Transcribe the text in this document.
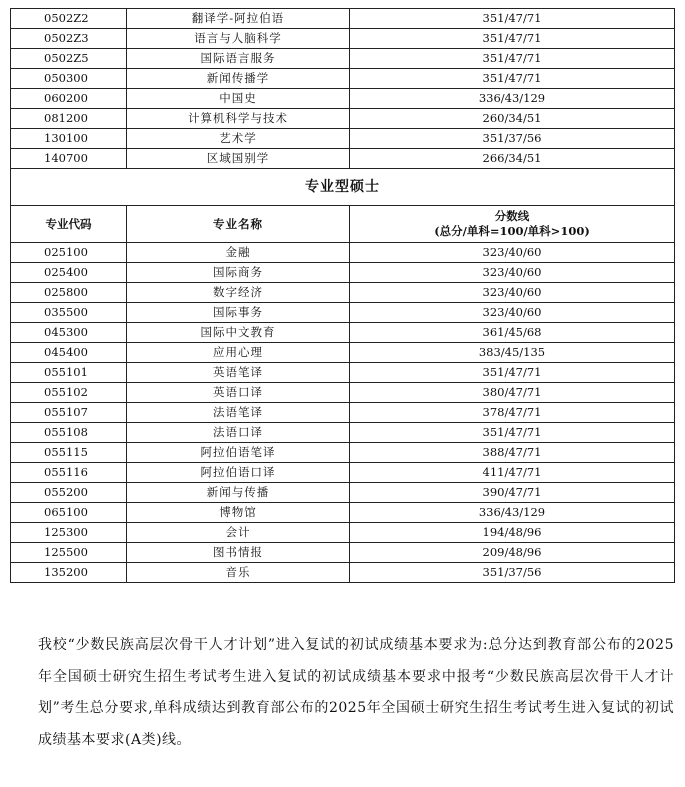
0502Z2	翻译学-阿拉伯语	351/47/71
0502Z3	语言与人脑科学	351/47/71
0502Z5	国际语言服务	351/47/71
050300	新闻传播学	351/47/71
060200	中国史	336/43/129
081200	计算机科学与技术	260/34/51
130100	艺术学	351/37/56
140700	区域国别学	266/34/51
专业型硕士		
专业代码	专业名称	分数线
(总分/单科=100/单科>100)

025100	金融	323/40/60
025400	国际商务	323/40/60
025800	数字经济	323/40/60
035500	国际事务	323/40/60
045300	国际中文教育	361/45/68
045400	应用心理	383/45/135
055101	英语笔译	351/47/71
055102	英语口译	380/47/71
055107	法语笔译	378/47/71
055108	法语口译	351/47/71
055115	阿拉伯语笔译	388/47/71
055116	阿拉伯语口译	411/47/71
055200	新闻与传播	390/47/71
065100	博物馆	336/43/129
125300	会计	194/48/96
125500	图书情报	209/48/96
135200	音乐	351/37/56
我校“少数民族高层次骨干人才计划”进入复试的初试成绩基本要求为:总分达到教育部公布的2025年全国硕士研究生招生考试考生进入复试的初试成绩基本要求中报考“少数民族高层次骨干人才计划”考生总分要求,单科成绩达到教育部公布的2025年全国硕士研究生招生考试考生进入复试的初试成绩基本要求(A类)线。
